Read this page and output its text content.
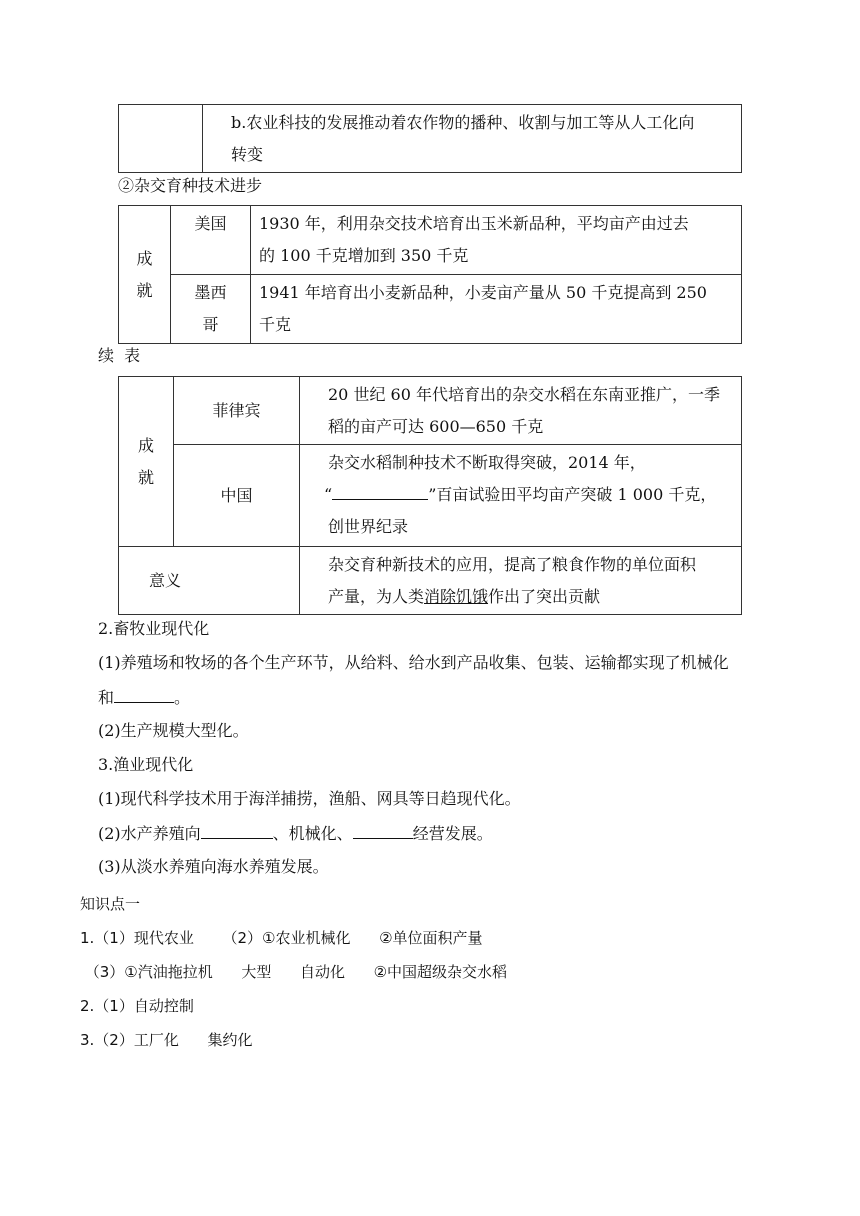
b.农业科技的发展推动着农作物的播种、收割与加工等从人工化向
转变
②杂交育种技术进步
成就	美国	1930 年，利用杂交技术培育出玉米新品种，平均亩产由过去
的 100 千克增加到 350 千克

	墨西哥	1941 年培育出小麦新品种，小麦亩产量从 50 千克提高到 250
千克
续  表
成就	菲律宾	20 世纪 60 年代培育出的杂交水稻在东南亚推广，一季
稻的亩产可达 600—650 千克

	中国	杂交水稻制种技术不断取得突破，2014 年，
“ ”百亩试验田平均亩产突破 1 000 千克，
创世界纪录

意义		杂交育种新技术的应用，提高了粮食作物的单位面积
产量，为人类消除饥饿作出了突出贡献
2.畜牧业现代化
(1)养殖场和牧场的各个生产环节，从给料、给水到产品收集、包装、运输都实现了机械化
和	。
(2)生产规模大型化。
3.渔业现代化
(1)现代科学技术用于海洋捕捞，渔船、网具等日趋现代化。
(2)水产养殖向	、机械化、	经营发展。
(3)从淡水养殖向海水养殖发展。
知识点一
1.（1）现代农业      （2）①农业机械化      ②单位面积产量
（3）①汽油拖拉机      大型      自动化      ②中国超级杂交水稻
2.（1）自动控制
3.（2）工厂化      集约化
